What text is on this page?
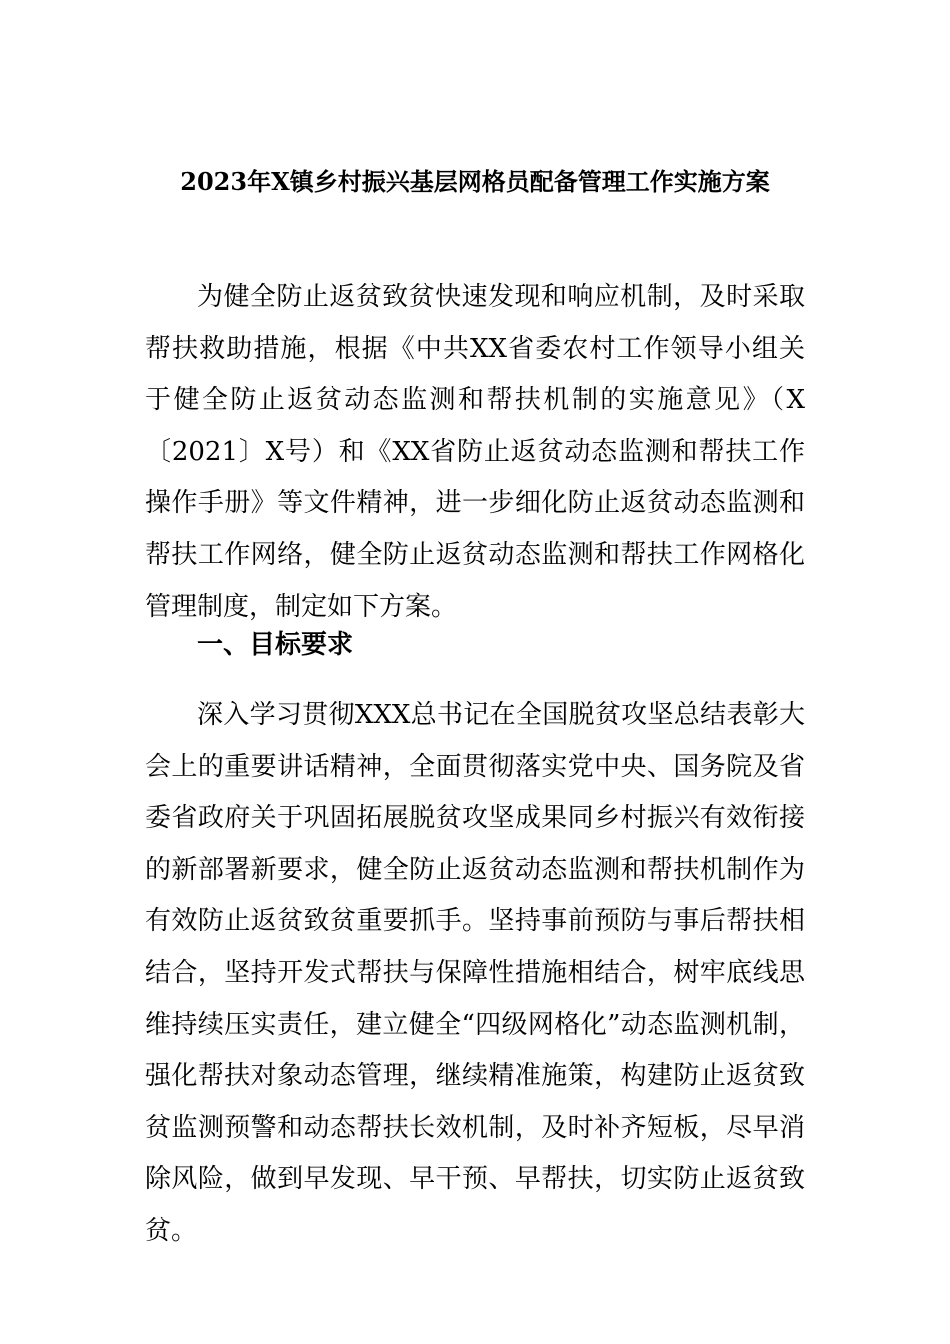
2023年X镇乡村振兴基层网格员配备管理工作实施方案

为健全防止返贫致贫快速发现和响应机制，及时采取帮扶救助措施，根据《中共XX省委农村工作领导小组关于健全防止返贫动态监测和帮扶机制的实施意见》（X〔2021〕X号）和《XX省防止返贫动态监测和帮扶工作操作手册》等文件精神，进一步细化防止返贫动态监测和帮扶工作网络，健全防止返贫动态监测和帮扶工作网格化管理制度，制定如下方案。

一、目标要求

深入学习贯彻XXX总书记在全国脱贫攻坚总结表彰大会上的重要讲话精神，全面贯彻落实党中央、国务院及省委省政府关于巩固拓展脱贫攻坚成果同乡村振兴有效衔接的新部署新要求，健全防止返贫动态监测和帮扶机制作为有效防止返贫致贫重要抓手。坚持事前预防与事后帮扶相结合，坚持开发式帮扶与保障性措施相结合，树牢底线思维持续压实责任，建立健全“四级网格化”动态监测机制，强化帮扶对象动态管理，继续精准施策，构建防止返贫致贫监测预警和动态帮扶长效机制，及时补齐短板，尽早消除风险，做到早发现、早干预、早帮扶，切实防止返贫致贫。
